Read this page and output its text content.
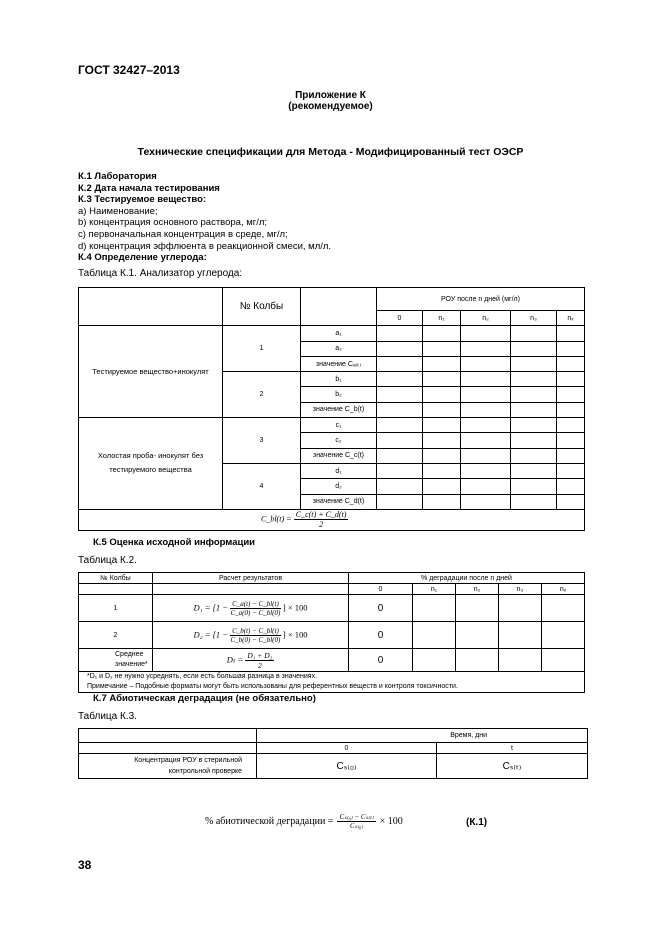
ГОСТ 32427–2013
Приложение К
(рекомендуемое)
Технические спецификации для Метода - Модифицированный тест ОЭСР
К.1 Лаборатория
К.2 Дата начала тестирования
К.3 Тестируемое вещество:
а) Наименование;
b) концентрация основного раствора, мг/л;
c) первоначальная концентрация в среде, мг/л;
d) концентрация эффлюента в реакционной смеси, мл/л.
К.4 Определение углерода:
Таблица К.1. Анализатор углерода:
	№ Колбы		РОУ после n дней (мг/л)				
			0	n₁	n₂	n₃	nₓ
Тестируемое вещество+инокулят	1	a₁					
		a₂					
		значение Cₐ₍ₜ₎					
	2	b₁					
		b₂					
		значение C_b(t)					
Холостая проба- инокулят без тестируемого вещества	3	c₁					
		c₂					
		значение C_c(t)					
	4	d₁					
		d₂					
		значение C_d(t)					
C_bl(t) = $\frac{C\_c(t) + C\_d(t)}{2}$
К.5 Оценка исходной информации
Таблица К.2.
№ Колбы	Расчет результатов	% деградации после n дней				
		0	n₁	n₂	n₃	nₓ
1	$D_1 = [1 - \frac{C\_a(t) - C\_bl(t)}{C\_a(0) - C\_bl(0)}$ ] × 100	0				
2	$D_2 = [1 - \frac{C\_b(t) - C\_bl(t)}{C\_b(0) - C\_bl(0)}$ ] × 100	0				
Среднее значение*	$D_t = \frac{\text{D₁ + D₂}}{2}$	0				

*D₁ и D₂ не нужно усреднять, если есть большая разница в значениях.
Примечание – Подобные форматы могут быть использованы для референтных веществ и контроля токсичности.						
К.7 Абиотическая деградация (не обязательно)
Таблица К.3.
	Время, дни	
	0	t
Концентрация РОУ в стерильной контрольной проверке	Cₛ₍₀₎	Cₛ₍ₜ₎
% абиотической деградации = $\frac{\text{Cₛ₍₀₎ − Cₛ₍ₜ₎}}{\text{Cₛ₍₀₎}} \times 100$	(К.1)
38
